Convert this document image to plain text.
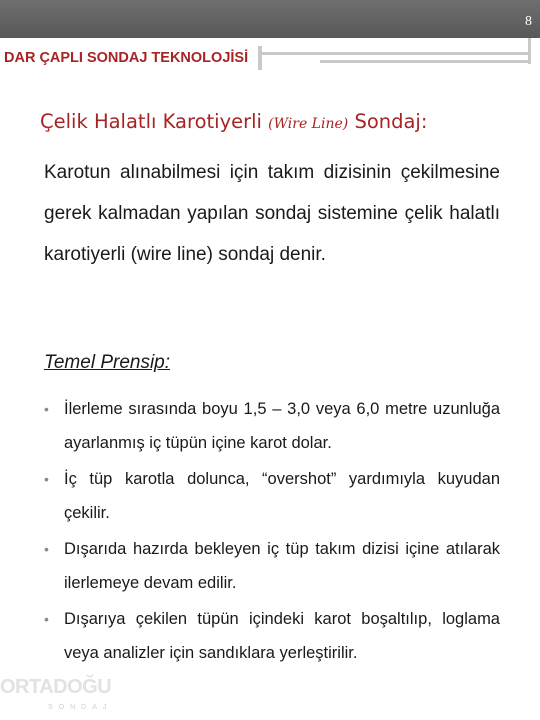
8
DAR ÇAPLI SONDAJ TEKNOLOJİSİ
Çelik Halatlı Karotiyerli (Wire Line) Sondaj:
Karotun alınabilmesi için takım dizisinin çekilmesine gerek kalmadan yapılan sondaj sistemine çelik halatlı karotiyerli (wire line) sondaj denir.
Temel Prensip:
• İlerleme sırasında boyu 1,5 – 3,0 veya 6,0 metre uzunluğa ayarlanmış iç tüpün içine karot dolar.
• İç tüp karotla dolunca, “overshot” yardımıyla kuyudan çekilir.
• Dışarıda hazırda bekleyen iç tüp takım dizisi içine atılarak ilerlemeye devam edilir.
• Dışarıya çekilen tüpün içindeki karot boşaltılıp, loglama veya analizler için sandıklara yerleştirilir.
ORTADOĞU
SONDAJ
